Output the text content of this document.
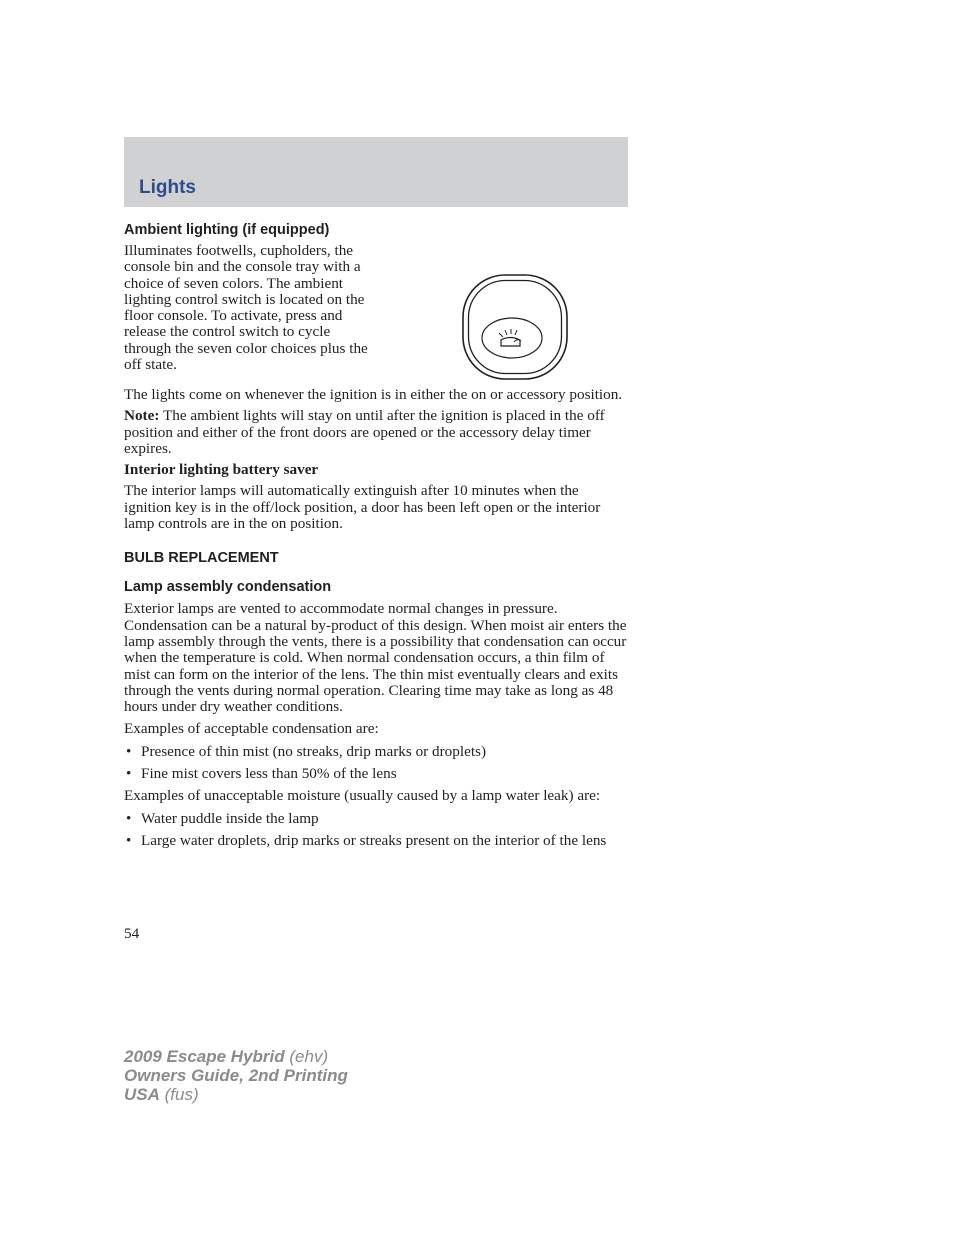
Lights
Ambient lighting (if equipped)

Illuminates footwells, cupholders, the console bin and the console tray with a choice of seven colors. The ambient lighting control switch is located on the floor console. To activate, press and release the control switch to cycle through the seven color choices plus the off state.

The lights come on whenever the ignition is in either the on or accessory position.

Note: The ambient lights will stay on until after the ignition is placed in the off position and either of the front doors are opened or the accessory delay timer expires.

Interior lighting battery saver

The interior lamps will automatically extinguish after 10 minutes when the ignition key is in the off/lock position, a door has been left open or the interior lamp controls are in the on position.

BULB REPLACEMENT
Lamp assembly condensation

Exterior lamps are vented to accommodate normal changes in pressure. Condensation can be a natural by-product of this design. When moist air enters the lamp assembly through the vents, there is a possibility that condensation can occur when the temperature is cold. When normal condensation occurs, a thin film of mist can form on the interior of the lens. The thin mist eventually clears and exits through the vents during normal operation. Clearing time may take as long as 48 hours under dry weather conditions.

Examples of acceptable condensation are:

• Presence of thin mist (no streaks, drip marks or droplets)
• Fine mist covers less than 50% of the lens

Examples of unacceptable moisture (usually caused by a lamp water leak) are:

• Water puddle inside the lamp
• Large water droplets, drip marks or streaks present on the interior of the lens

54

2009 Escape Hybrid (ehv)
Owners Guide, 2nd Printing
USA (fus)
